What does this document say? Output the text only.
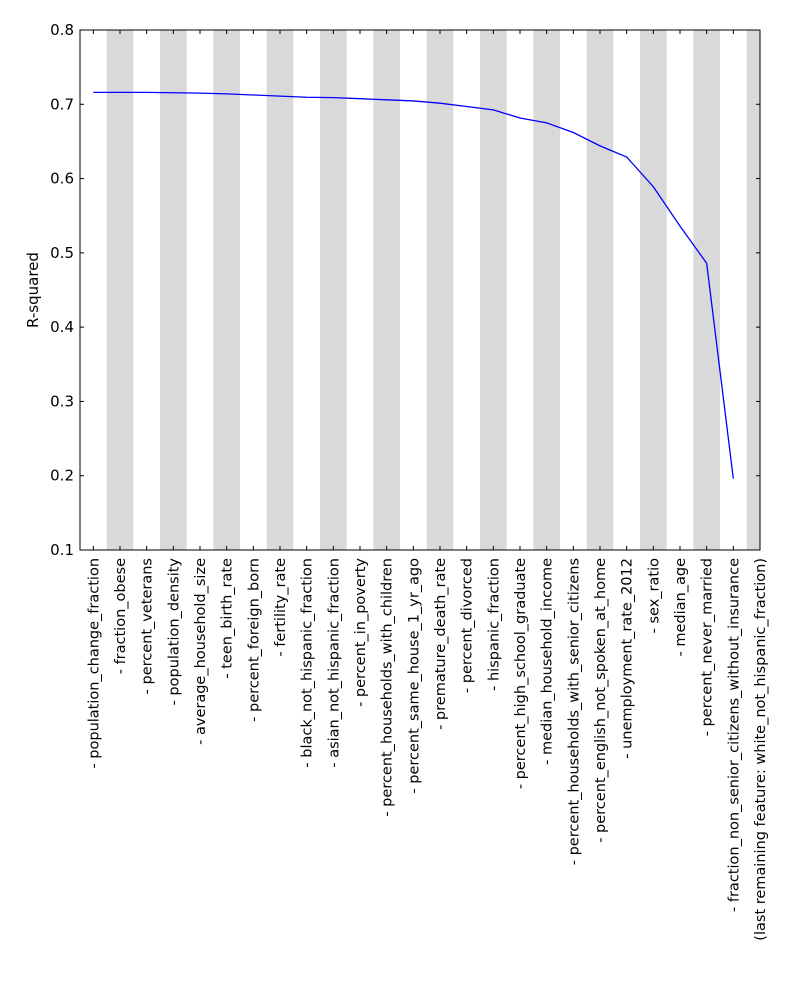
0.1
0.2
0.3
0.4
0.5
0.6
0.7
0.8
- population_change_fraction - fraction_obese - percent_veterans - population_density - average_household_size - teen_birth_rate - percent_foreign_born - fertility_rate - black_not_hispanic_fraction - asian_not_hispanic_fraction - percent_in_poverty - percent_households_with_children - percent_same_house_1_yr_ago - premature_death_rate - percent_divorced - hispanic_fraction - percent_high_school_graduate - median_household_income - percent_households_with_senior_citizens - percent_english_not_spoken_at_home - unemployment_rate_2012 - sex_ratio - median_age - percent_never_married - fraction_non_senior_citizens_without_insurance (last remaining feature: white_not_hispanic_fraction)
R-squared
